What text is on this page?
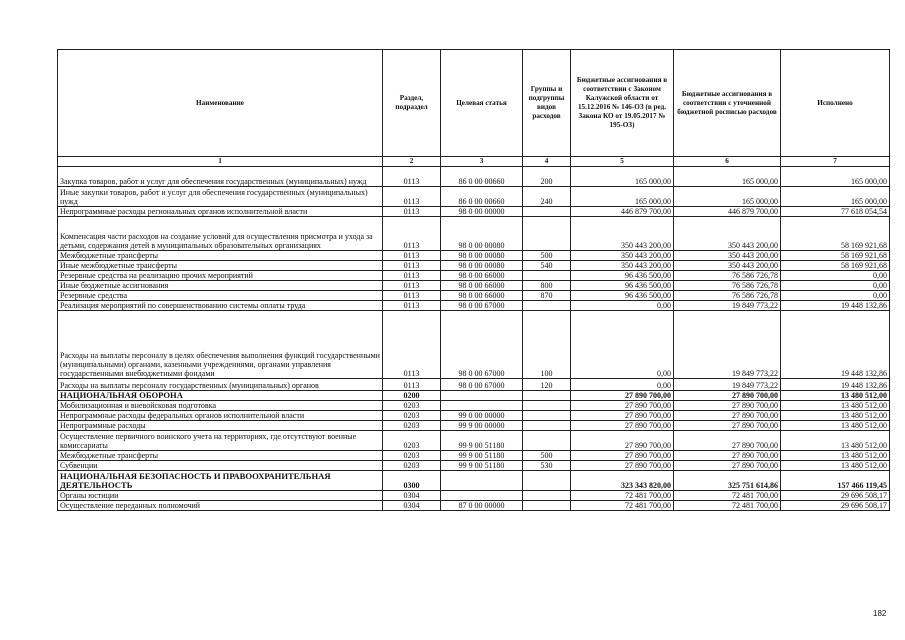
Наименование	Раздел, подраздел	Целевая статья	Группы и подгруппы видов расходов	Бюджетные ассигнования в соответствии с Законом Калужской области от 15.12.2016 № 146-ОЗ (в ред. Закона КО от 19.05.2017 № 195-ОЗ)	Бюджетные ассигнования в соответствии с уточненной бюджетной росписью расходов	Исполнено
1	2	3	4	5	6	7
Закупка товаров, работ и услуг для обеспечения государственных (муниципальных) нужд	0113	86 0 00 00660	200	165 000,00	165 000,00	165 000,00
Иные закупки товаров, работ и услуг для обеспечения государственных (муниципальных) нужд	0113	86 0 00 00660	240	165 000,00	165 000,00	165 000,00
Непрограммные расходы региональных органов исполнительной власти	0113	98 0 00 00000		446 879 700,00	446 879 700,00	77 618 054,54
Компенсация части расходов на создание условий для осуществления присмотра и ухода за детьми, содержания детей в муниципальных образовательных организациях	0113	98 0 00 00080		350 443 200,00	350 443 200,00	58 169 921,68
Межбюджетные трансферты	0113	98 0 00 00080	500	350 443 200,00	350 443 200,00	58 169 921,68
Иные межбюджетные трансферты	0113	98 0 00 00080	540	350 443 200,00	350 443 200,00	58 169 921,68
Резервные средства на реализацию прочих мероприятий	0113	98 0 00 66000		96 436 500,00	76 586 726,78	0,00
Иные бюджетные ассигнования	0113	98 0 00 66000	800	96 436 500,00	76 586 726,78	0,00
Резервные средства	0113	98 0 00 66000	870	96 436 500,00	76 586 726,78	0,00
Реализация мероприятий по совершенствованию системы оплаты труда	0113	98 0 00 67000		0,00	19 849 773,22	19 448 132,86
Расходы на выплаты персоналу в целях обеспечения выполнения функций государственными (муниципальными) органами, казенными учреждениями, органами управления государственными внебюджетными фондами	0113	98 0 00 67000	100	0,00	19 849 773,22	19 448 132,86
Расходы на выплаты персоналу государственных (муниципальных) органов	0113	98 0 00 67000	120	0,00	19 849 773,22	19 448 132,86
НАЦИОНАЛЬНАЯ ОБОРОНА	0200			27 890 700,00	27 890 700,00	13 480 512,00
Мобилизационная и вневойсковая подготовка	0203			27 890 700,00	27 890 700,00	13 480 512,00
Непрограммные расходы федеральных органов исполнительной власти	0203	99 0 00 00000		27 890 700,00	27 890 700,00	13 480 512,00
Непрограммные расходы	0203	99 9 00 00000		27 890 700,00	27 890 700,00	13 480 512,00
Осуществление первичного воинского учета на территориях, где отсутствуют военные комиссариаты	0203	99 9 00 51180		27 890 700,00	27 890 700,00	13 480 512,00
Межбюджетные трансферты	0203	99 9 00 51180	500	27 890 700,00	27 890 700,00	13 480 512,00
Субвенции	0203	99 9 00 51180	530	27 890 700,00	27 890 700,00	13 480 512,00
НАЦИОНАЛЬНАЯ БЕЗОПАСНОСТЬ И ПРАВООХРАНИТЕЛЬНАЯ ДЕЯТЕЛЬНОСТЬ	0300			323 343 820,00	325 751 614,86	157 466 119,45
Органы юстиции	0304			72 481 700,00	72 481 700,00	29 696 508,17
Осуществление переданных полномочий	0304	87 0 00 00000		72 481 700,00	72 481 700,00	29 696 508,17
182
